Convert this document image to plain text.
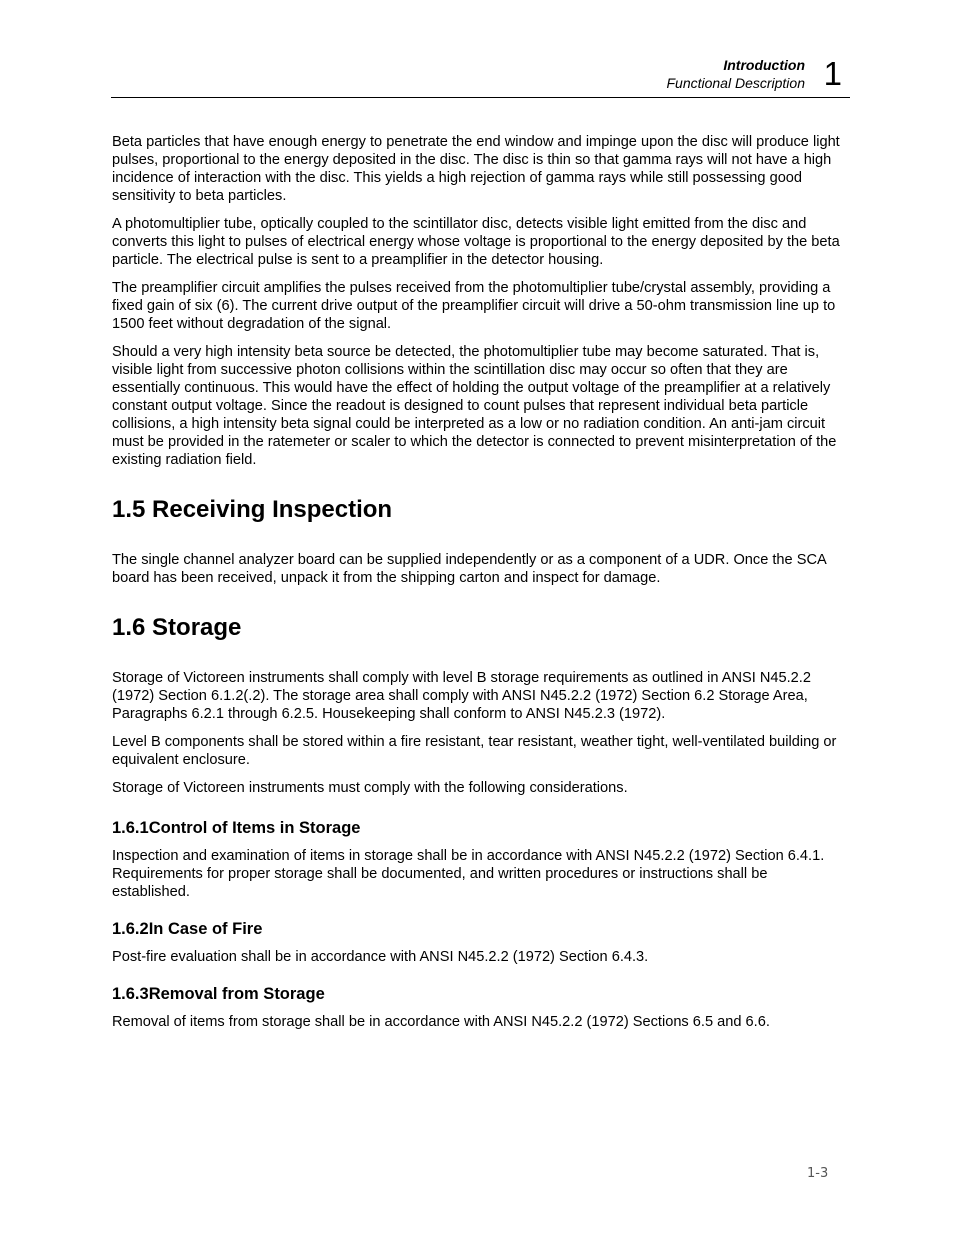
Introduction
Functional Description 1

Beta particles that have enough energy to penetrate the end window and impinge upon the disc will produce light pulses, proportional to the energy deposited in the disc. The disc is thin so that gamma rays will not have a high incidence of interaction with the disc. This yields a high rejection of gamma rays while still possessing good sensitivity to beta particles.

A photomultiplier tube, optically coupled to the scintillator disc, detects visible light emitted from the disc and converts this light to pulses of electrical energy whose voltage is proportional to the energy deposited by the beta particle. The electrical pulse is sent to a preamplifier in the detector housing.

The preamplifier circuit amplifies the pulses received from the photomultiplier tube/crystal assembly, providing a fixed gain of six (6). The current drive output of the preamplifier circuit will drive a 50-ohm transmission line up to 1500 feet without degradation of the signal.

Should a very high intensity beta source be detected, the photomultiplier tube may become saturated. That is, visible light from successive photon collisions within the scintillation disc may occur so often that they are essentially continuous. This would have the effect of holding the output voltage of the preamplifier at a relatively constant output voltage. Since the readout is designed to count pulses that represent individual beta particle collisions, a high intensity beta signal could be interpreted as a low or no radiation condition. An anti-jam circuit must be provided in the ratemeter or scaler to which the detector is connected to prevent misinterpretation of the existing radiation field.

1.5 Receiving Inspection

The single channel analyzer board can be supplied independently or as a component of a UDR. Once the SCA board has been received, unpack it from the shipping carton and inspect for damage.

1.6 Storage

Storage of Victoreen instruments shall comply with level B storage requirements as outlined in ANSI N45.2.2 (1972) Section 6.1.2(.2). The storage area shall comply with ANSI N45.2.2 (1972) Section 6.2 Storage Area, Paragraphs 6.2.1 through 6.2.5. Housekeeping shall conform to ANSI N45.2.3 (1972).

Level B components shall be stored within a fire resistant, tear resistant, weather tight, well-ventilated building or equivalent enclosure.

Storage of Victoreen instruments must comply with the following considerations.

1.6.1Control of Items in Storage

Inspection and examination of items in storage shall be in accordance with ANSI N45.2.2 (1972) Section 6.4.1. Requirements for proper storage shall be documented, and written procedures or instructions shall be established.

1.6.2In Case of Fire

Post-fire evaluation shall be in accordance with ANSI N45.2.2 (1972) Section 6.4.3.

1.6.3Removal from Storage

Removal of items from storage shall be in accordance with ANSI N45.2.2 (1972) Sections 6.5 and 6.6.

1-3
